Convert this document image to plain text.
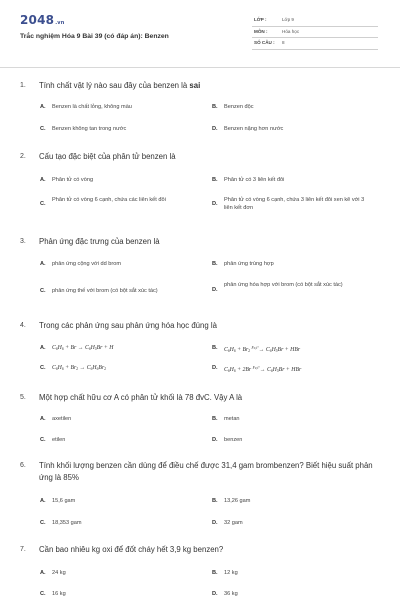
2048.vn
Trắc nghiệm Hóa 9 Bài 39 (có đáp án): Benzen
LỚP :	Lớp 9
MÔN :	Hóa học
SỐ CÂU : 8
1. Tính chất vật lý nào sau đây của benzen là sai
A. Benzen là chất lỏng, không màu	B. Benzen độc
C. Benzen không tan trong nước	D. Benzen nặng hơn nước
2. Cấu tạo đặc biệt của phân tử benzen là
A. Phân tử có vòng	B. Phân tử có 3 liên kết đôi
C.
Phân tử có vòng 6 cạnh, chứa các liên kết đôi
D.
Phân tử có vòng 6 cạnh, chứa 3 liên kết đôi xen kẽ với 3 liên kết đơn
3. Phản ứng đặc trưng của benzen là
A. phản ứng cộng với dd brom	B. phản ứng trùng hợp
C. phản ứng thế với brom (có bột sắt xúc tác)	D.
phản ứng hóa hợp với brom (có bột sắt xúc tác)
4. Trong các phản ứng sau phản ứng hóa học đúng là
A. $C_6H_6 + Br \to C_6H_5Br + H$	B. $C_6H_6 + Br_2$ $^{Fe,t^\circ}\to C_6H_5Br$ + HBr
C. $C_6H_6 + Br_2 \to C_6H_6Br_2$	D. $C_6H_6 + 2Br$ $^{Fe,t^\circ}\to C_6H_5Br$ + HBr
5. Một hợp chất hữu cơ A có phân tử khối là 78 đvC. Vậy A là
A. axetilen	B. metan
C. etilen	D. benzen
6. Tính khối lượng benzen cần dùng để điều chế được 31,4 gam brombenzen? Biết hiệu suất phản ứng là 85%
A. 15,6 gam	B. 13,26 gam
C. 18,353 gam	D. 32 gam
7. Cần bao nhiêu kg oxi để đốt cháy hết 3,9 kg benzen?
A. 24 kg	B. 12 kg
C. 16 kg	D. 36 kg
